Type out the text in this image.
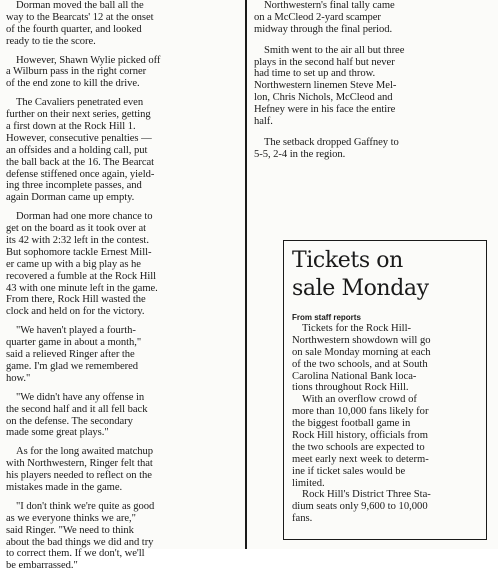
Dorman moved the ball all the
way to the Bearcats' 12 at the onset
of the fourth quarter, and looked
ready to tie the score.
However, Shawn Wylie picked off
a Wilburn pass in the right corner
of the end zone to kill the drive.
The Cavaliers penetrated even
further on their next series, getting
a first down at the Rock Hill 1.
However, consecutive penalties —
an offsides and a holding call, put
the ball back at the 16. The Bearcat
defense stiffened once again, yield-
ing three incomplete passes, and
again Dorman came up empty.
Dorman had one more chance to
get on the board as it took over at
its 42 with 2:32 left in the contest.
But sophomore tackle Ernest Mill-
er came up with a big play as he
recovered a fumble at the Rock Hill
43 with one minute left in the game.
From there, Rock Hill wasted the
clock and held on for the victory.
"We haven't played a fourth-
quarter game in about a month,"
said a relieved Ringer after the
game. I'm glad we remembered
how."
"We didn't have any offense in
the second half and it all fell back
on the defense. The secondary
made some great plays."
As for the long awaited matchup
with Northwestern, Ringer felt that
his players needed to reflect on the
mistakes made in the game.
"I don't think we're quite as good
as we everyone thinks we are,"
said Ringer. "We need to think
about the bad things we did and try
to correct them. If we don't, we'll
be embarrassed."
Northwestern's final tally came
on a McCleod 2-yard scamper
midway through the final period.
Smith went to the air all but three
plays in the second half but never
had time to set up and throw.
Northwestern linemen Steve Mel-
lon, Chris Nichols, McCleod and
Hefney were in his face the entire
half.
The setback dropped Gaffney to
5-5, 2-4 in the region.
Tickets on
sale Monday
From staff reports
Tickets for the Rock Hill-
Northwestern showdown will go
on sale Monday morning at each
of the two schools, and at South
Carolina National Bank loca-
tions throughout Rock Hill.
With an overflow crowd of
more than 10,000 fans likely for
the biggest football game in
Rock Hill history, officials from
the two schools are expected to
meet early next week to determ-
ine if ticket sales would be
limited.
Rock Hill's District Three Sta-
dium seats only 9,600 to 10,000
fans.
